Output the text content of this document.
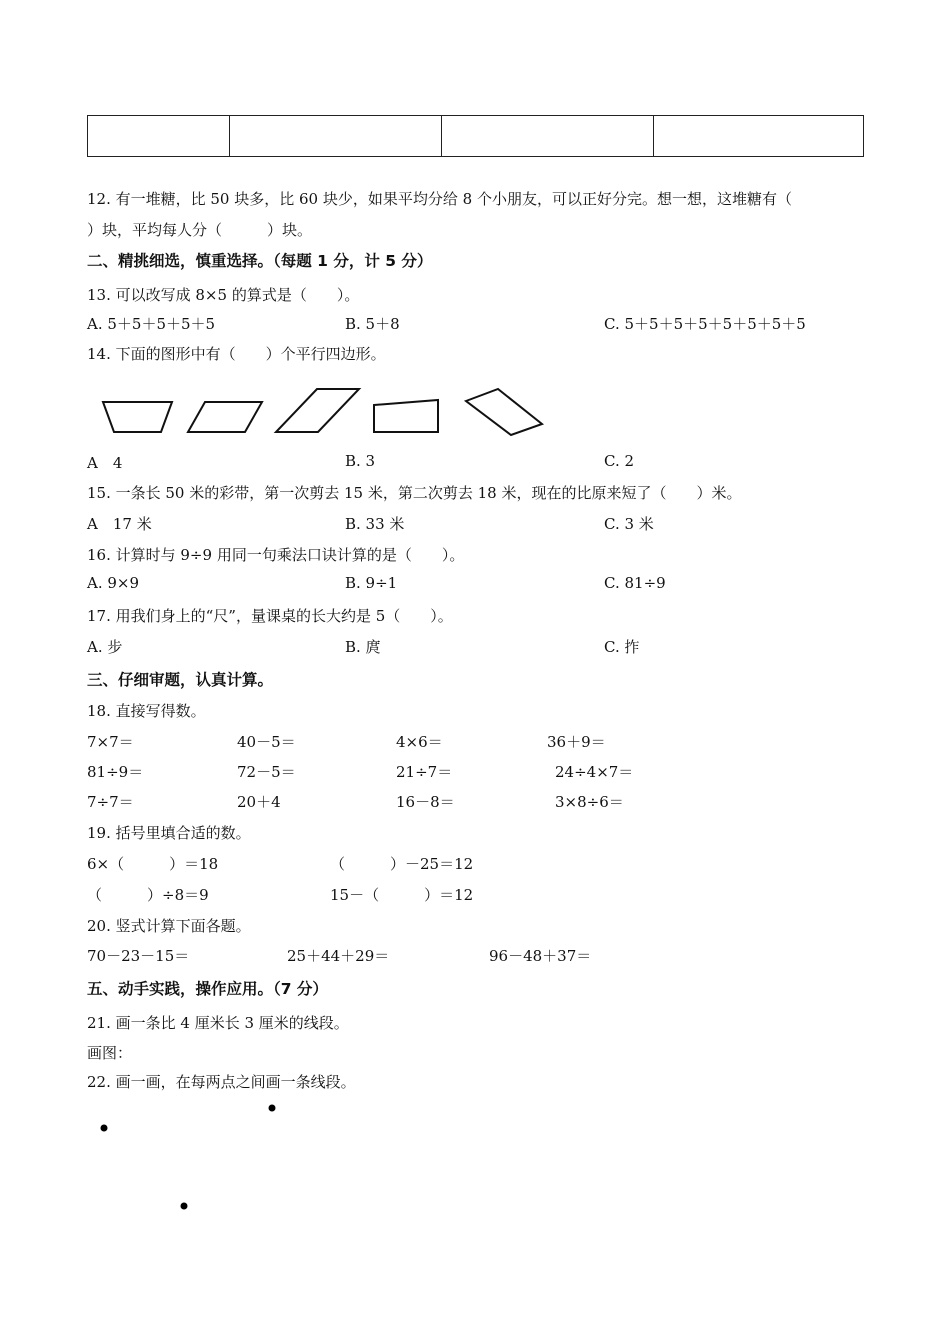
12. 有一堆糖，比 50 块多，比 60 块少，如果平均分给 8 个小朋友，可以正好分完。想一想，这堆糖有（
）块，平均每人分（　　　）块。
二、精挑细选，慎重选择。（每题 1 分，计 5 分）
13. 可以改写成 8×5 的算式是（　　）。
A. 5＋5＋5＋5＋5	B. 5＋8	C. 5＋5＋5＋5＋5＋5＋5＋5
14. 下面的图形中有（　　）个平行四边形。
A　4	B. 3	C. 2
15. 一条长 50 米的彩带，第一次剪去 15 米，第二次剪去 18 米，现在的比原来短了（　　）米。
A　17 米	B. 33 米	C. 3 米
16. 计算时与 9÷9 用同一句乘法口诀计算的是（　　）。
A. 9×9	B. 9÷1	C. 81÷9
17. 用我们身上的“尺”，量课桌的长大约是 5（　　）。
A. 步	B. 庹	C. 拃
三、仔细审题，认真计算。
18. 直接写得数。
7×7＝	40－5＝	4×6＝	36＋9＝
81÷9＝	72－5＝	21÷7＝	24÷4×7＝
7÷7＝	20＋4	16－8＝	3×8÷6＝
19. 括号里填合适的数。
6×（　　　）＝18	（　　　）－25＝12
（　　　）÷8＝9	15－（　　　）＝12
20. 竖式计算下面各题。
70－23－15＝	25＋44＋29＝	96－48＋37＝
五、动手实践，操作应用。（7 分）
21. 画一条比 4 厘米长 3 厘米的线段。
画图：
22. 画一画，在每两点之间画一条线段。
